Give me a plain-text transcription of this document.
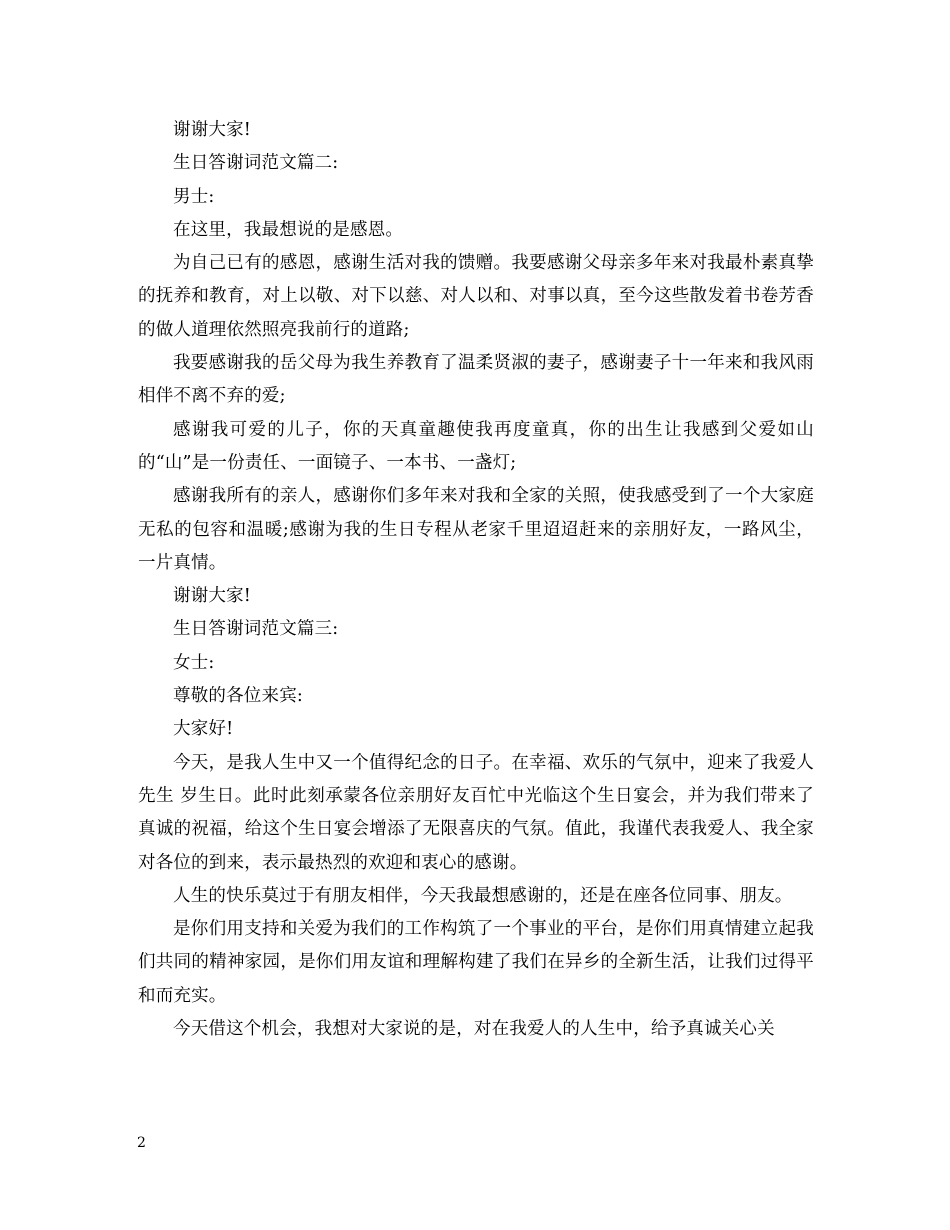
谢谢大家!

生日答谢词范文篇二:

男士:

在这里，我最想说的是感恩。

为自己已有的感恩，感谢生活对我的馈赠。我要感谢父母亲多年来对我最朴素真挚的抚养和教育，对上以敬、对下以慈、对人以和、对事以真，至今这些散发着书卷芳香的做人道理依然照亮我前行的道路;

我要感谢我的岳父母为我生养教育了温柔贤淑的妻子，感谢妻子十一年来和我风雨相伴不离不弃的爱;

感谢我可爱的儿子，你的天真童趣使我再度童真，你的出生让我感到父爱如山的“山”是一份责任、一面镜子、一本书、一盏灯;

感谢我所有的亲人，感谢你们多年来对我和全家的关照，使我感受到了一个大家庭无私的包容和温暖;感谢为我的生日专程从老家千里迢迢赶来的亲朋好友，一路风尘，一片真情。

谢谢大家!

生日答谢词范文篇三:

女士:

尊敬的各位来宾:

大家好!

今天，是我人生中又一个值得纪念的日子。在幸福、欢乐的气氛中，迎来了我爱人 先生 岁生日。此时此刻承蒙各位亲朋好友百忙中光临这个生日宴会，并为我们带来了真诚的祝福，给这个生日宴会增添了无限喜庆的气氛。值此，我谨代表我爱人、我全家对各位的到来，表示最热烈的欢迎和衷心的感谢。

人生的快乐莫过于有朋友相伴，今天我最想感谢的，还是在座各位同事、朋友。

是你们用支持和关爱为我们的工作构筑了一个事业的平台，是你们用真情建立起我们共同的精神家园，是你们用友谊和理解构建了我们在异乡的全新生活，让我们过得平和而充实。

今天借这个机会，我想对大家说的是，对在我爱人的人生中，给予真诚关心关

2
